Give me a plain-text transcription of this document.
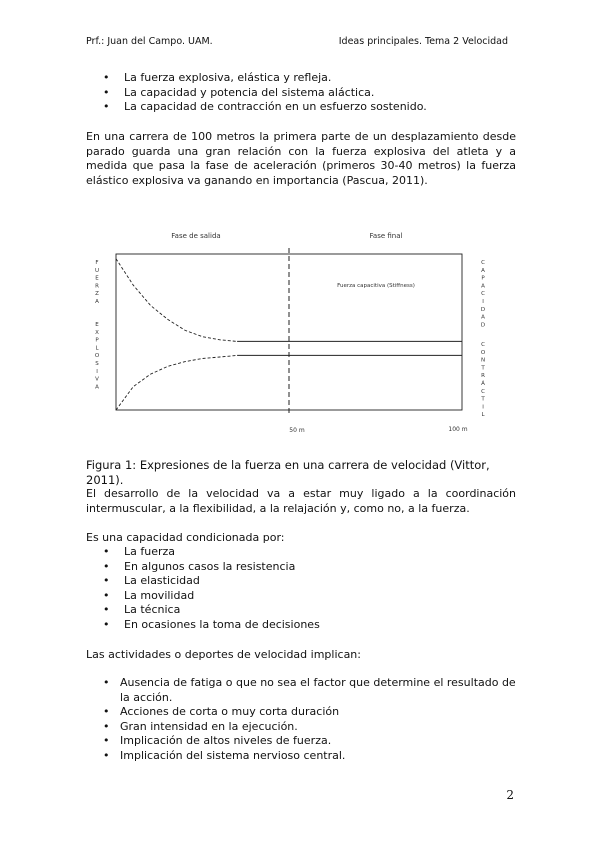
Prf.: Juan del Campo. UAM.	Ideas principales. Tema 2 Velocidad
• La fuerza explosiva, elástica y refleja.
• La capacidad y potencia del sistema aláctica.
• La capacidad de contracción en un esfuerzo sostenido.
En una carrera de 100 metros la primera parte de un desplazamiento desde parado guarda una gran relación con la fuerza explosiva del atleta y a medida que pasa la fase de aceleración (primeros 30-40 metros) la fuerza elástico explosiva va ganando en importancia (Pascua, 2011).
Fase de salida	Fase final
Fuerza capacitiva (Stiffness)
50 m	100 m
F U E R Z A
E X P L O S I V A
C A P A C I D A D
C O N T R Á C T I L
Figura 1: Expresiones de la fuerza en una carrera de velocidad (Vittor, 2011).
El desarrollo de la velocidad va a estar muy ligado a la coordinación intermuscular, a la flexibilidad, a la relajación y, como no, a la fuerza.
Es una capacidad condicionada por:
• La fuerza
• En algunos casos la resistencia
• La elasticidad
• La movilidad
• La técnica
• En ocasiones la toma de decisiones
Las actividades o deportes de velocidad implican:
• Ausencia de fatiga o que no sea el factor que determine el resultado de la acción.
• Acciones de corta o muy corta duración
• Gran intensidad en la ejecución.
• Implicación de altos niveles de fuerza.
• Implicación del sistema nervioso central.
2
